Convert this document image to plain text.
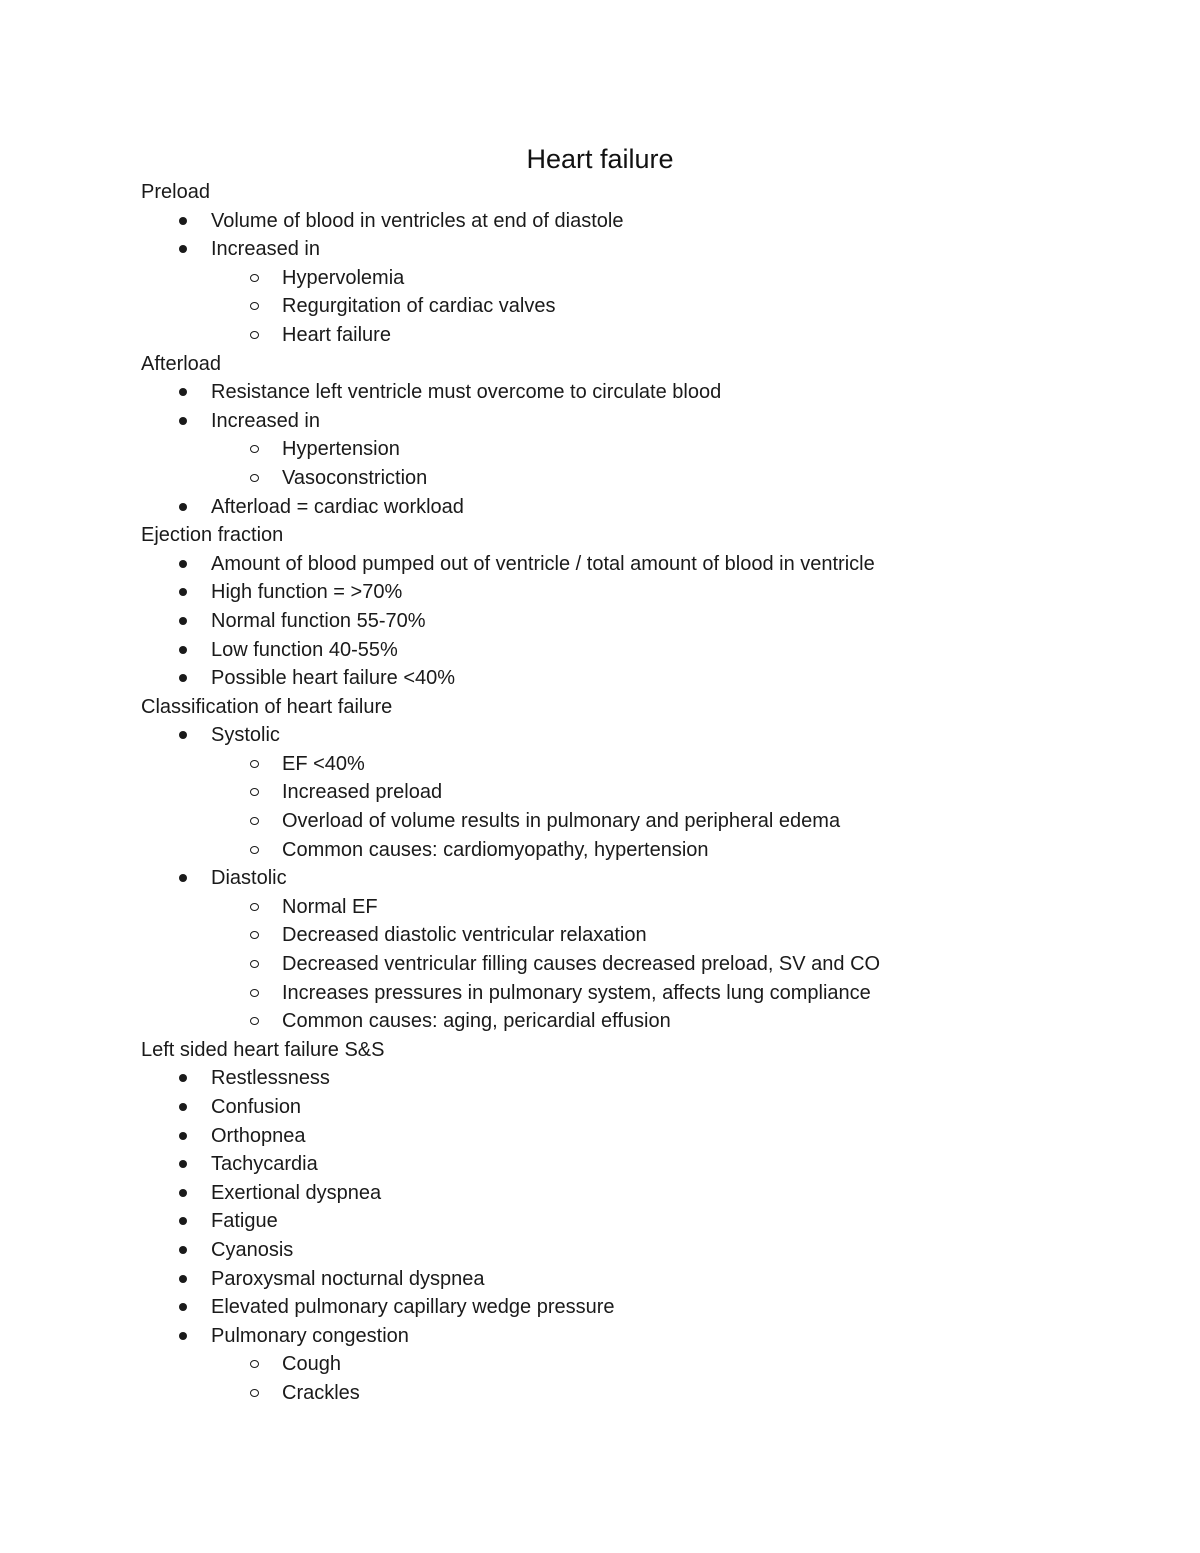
Heart failure

Preload

Volume of blood in ventricles at end of diastole
Increased in
Hypervolemia
Regurgitation of cardiac valves
Heart failure

Afterload

Resistance left ventricle must overcome to circulate blood
Increased in
Hypertension
Vasoconstriction
Afterload = cardiac workload

Ejection fraction

Amount of blood pumped out of ventricle / total amount of blood in ventricle
High function = >70%
Normal function 55-70%
Low function 40-55%
Possible heart failure <40%

Classification of heart failure

Systolic
EF <40%
Increased preload
Overload of volume results in pulmonary and peripheral edema
Common causes: cardiomyopathy, hypertension
Diastolic
Normal EF
Decreased diastolic ventricular relaxation
Decreased ventricular filling causes decreased preload, SV and CO
Increases pressures in pulmonary system, affects lung compliance
Common causes: aging, pericardial effusion

Left sided heart failure S&S

Restlessness
Confusion
Orthopnea
Tachycardia
Exertional dyspnea
Fatigue
Cyanosis
Paroxysmal nocturnal dyspnea
Elevated pulmonary capillary wedge pressure
Pulmonary congestion
Cough
Crackles
